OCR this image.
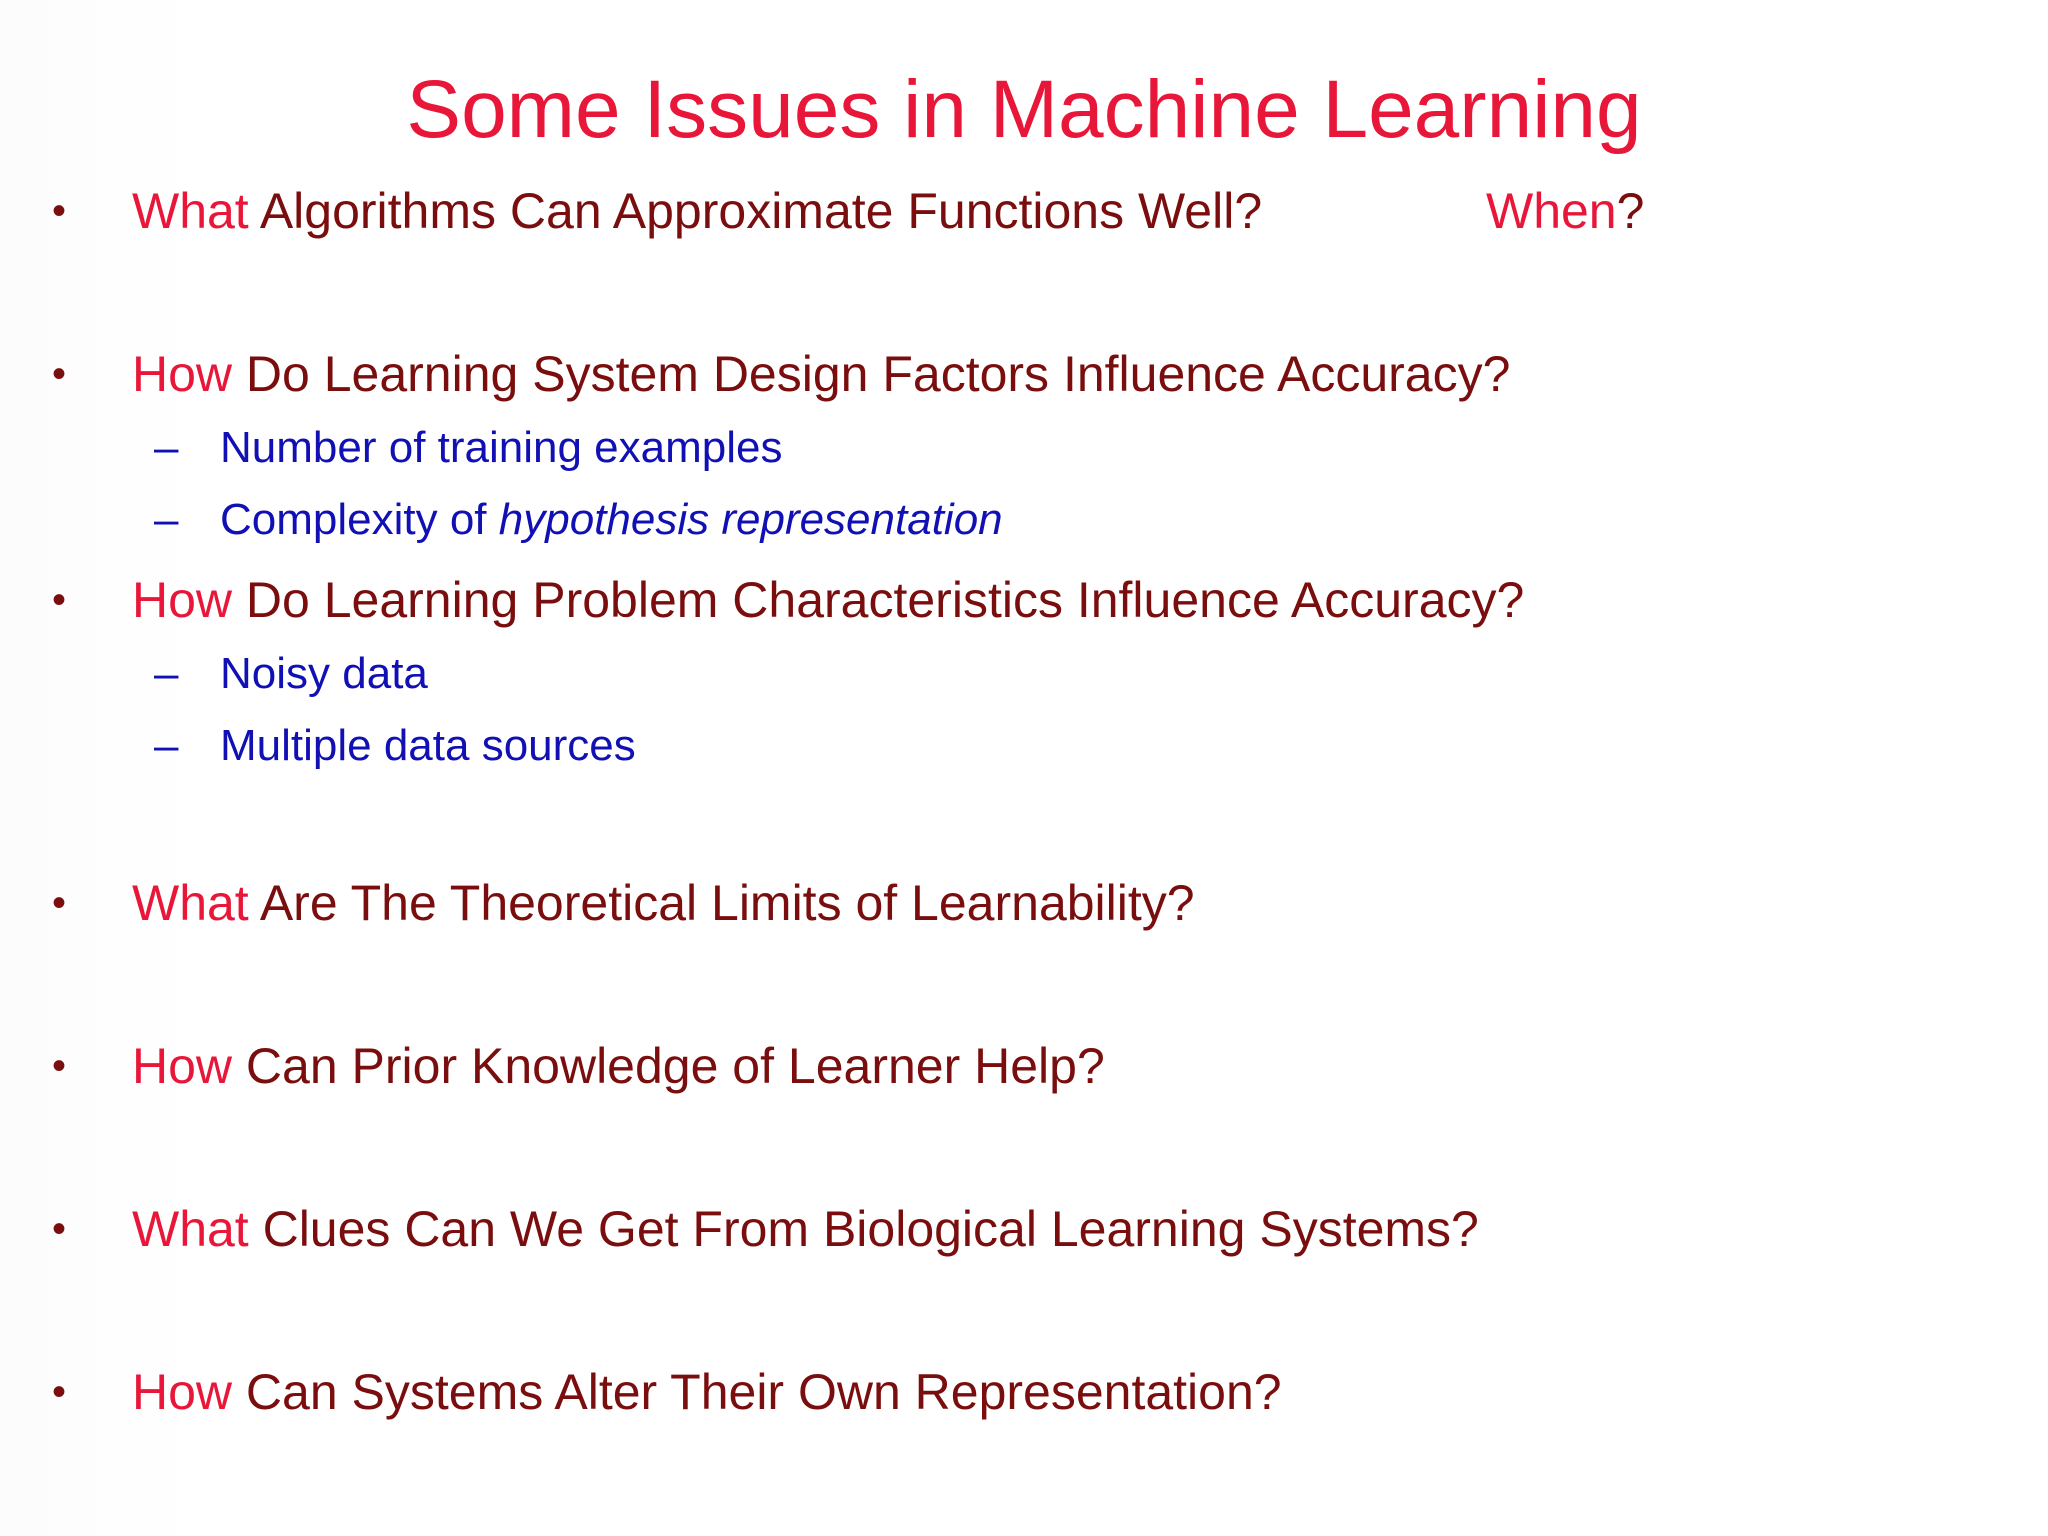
Some Issues in Machine Learning
• What Algorithms Can Approximate Functions Well?	When?
• How Do Learning System Design Factors Influence Accuracy?
– Number of training examples
– Complexity of hypothesis representation
• How Do Learning Problem Characteristics Influence Accuracy?
– Noisy data
– Multiple data sources
• What Are The Theoretical Limits of Learnability?
• How Can Prior Knowledge of Learner Help?
• What Clues Can We Get From Biological Learning Systems?
• How Can Systems Alter Their Own Representation?
